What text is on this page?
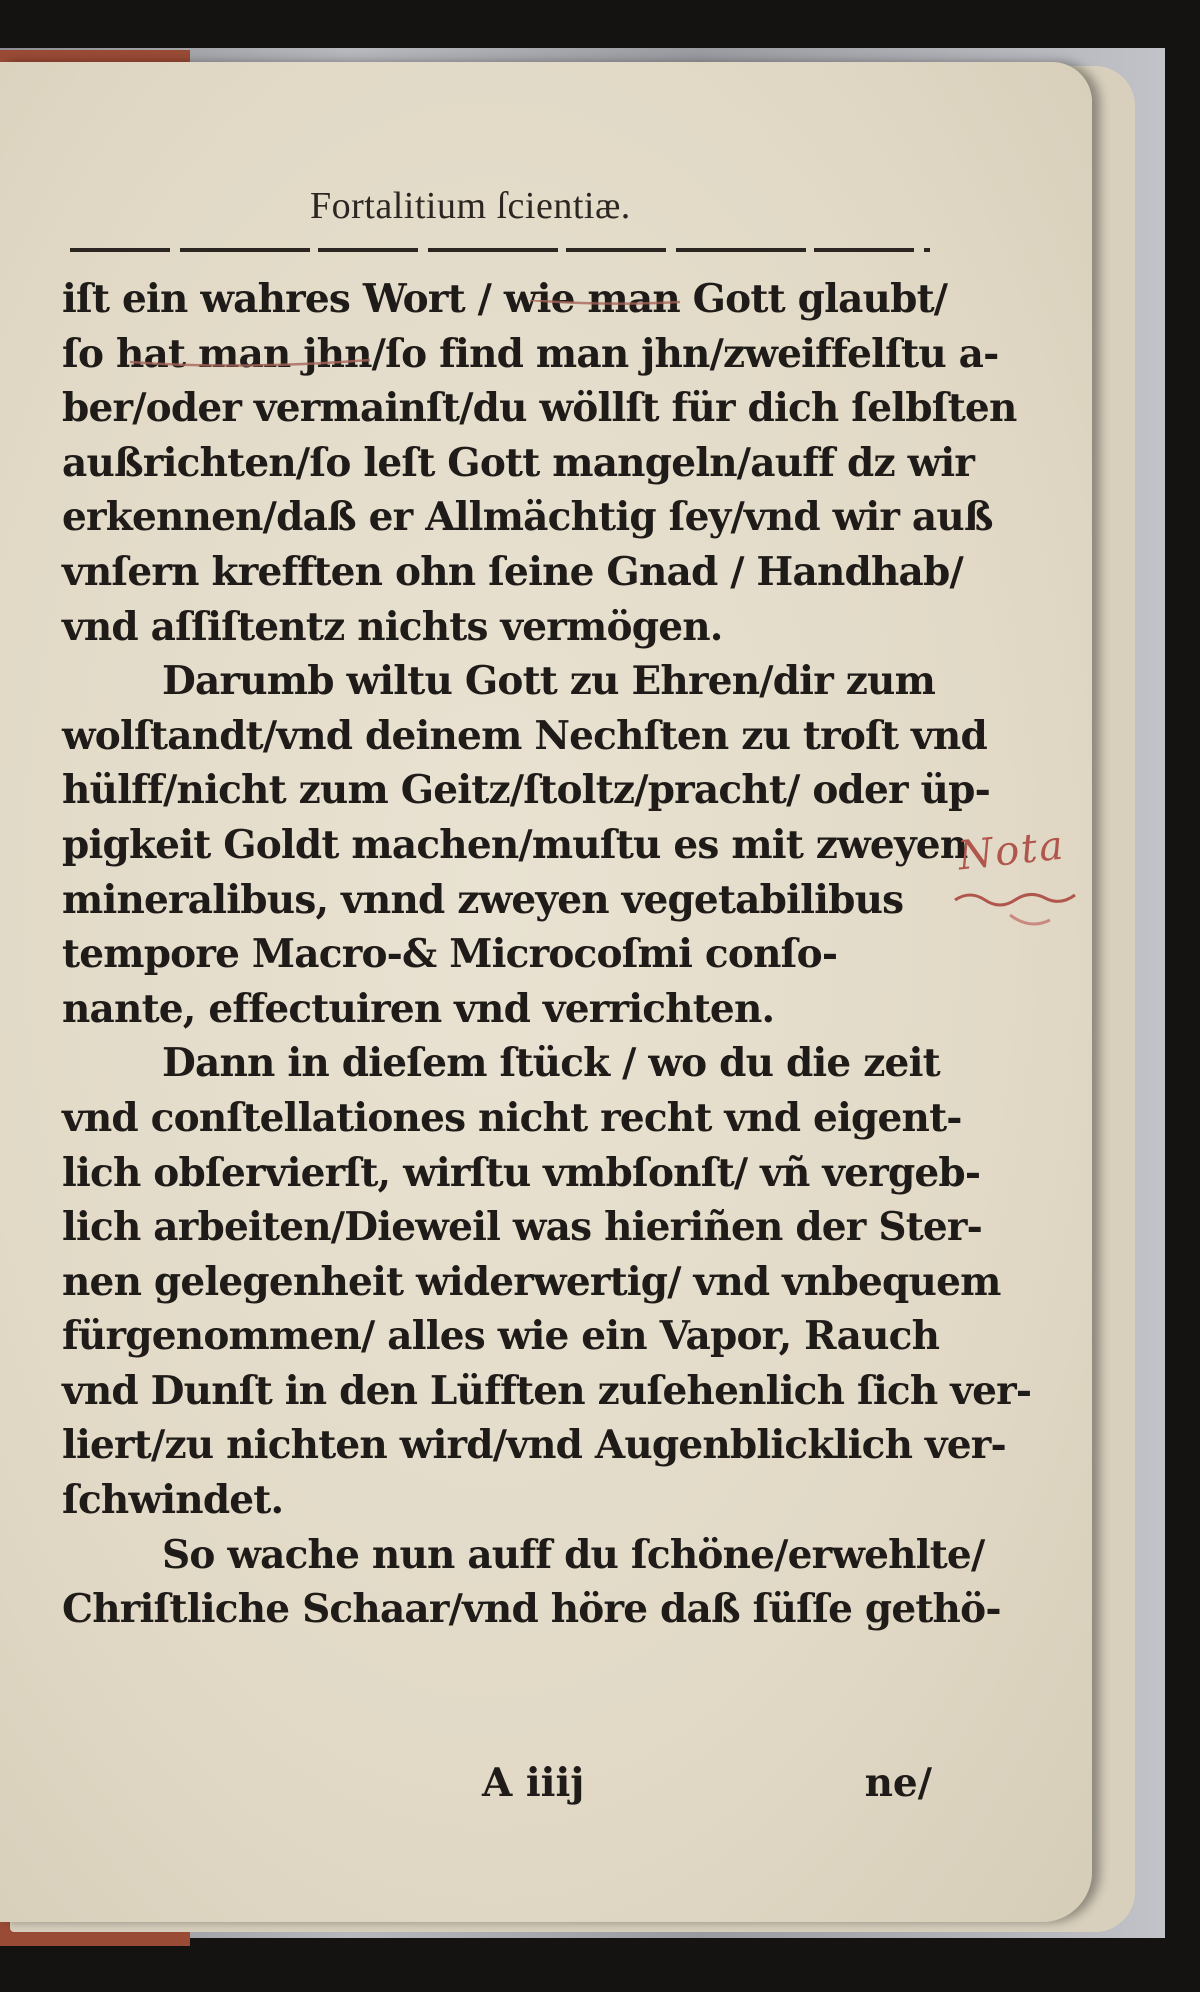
Fortalitium ſcientiæ.
iſt ein wahres Wort / wie man Gott glaubt/
ſo hat man jhn/ſo find man jhn/zweiffelſtu a-
ber/oder vermainſt/du wöllſt für dich ſelbſten
außrichten/ſo leſt Gott mangeln/auff dz wir
erkennen/daß er Allmächtig ſey/vnd wir auß
vnſern krefften ohn ſeine Gnad / Handhab/
vnd aſſiſtentz nichts vermögen.
Darumb wiltu Gott zu Ehren/dir zum
wolſtandt/vnd deinem Nechſten zu troſt vnd
hülff/nicht zum Geitz/ſtoltz/pracht/ oder üp-
pigkeit Goldt machen/muſtu es mit zweyen
mineralibus, vnnd zweyen vegetabilibus
tempore Macro-& Microcoſmi conſo-
nante, effectuiren vnd verrichten.
Dann in dieſem ſtück / wo du die zeit
vnd conſtellationes nicht recht vnd eigent-
lich obſervierſt, wirſtu vmbſonſt/ vñ vergeb-
lich arbeiten/Dieweil was hieriñen der Ster-
nen gelegenheit widerwertig/ vnd vnbequem
fürgenommen/ alles wie ein Vapor, Rauch
vnd Dunſt in den Lüfften zuſehenlich ſich ver-
liert/zu nichten wird/vnd Augenblicklich ver-
ſchwindet.
So wache nun auff du ſchöne/erwehlte/
Chriſtliche Schaar/vnd höre daß ſüſſe gethö-
A iiij	ne/
Nota
